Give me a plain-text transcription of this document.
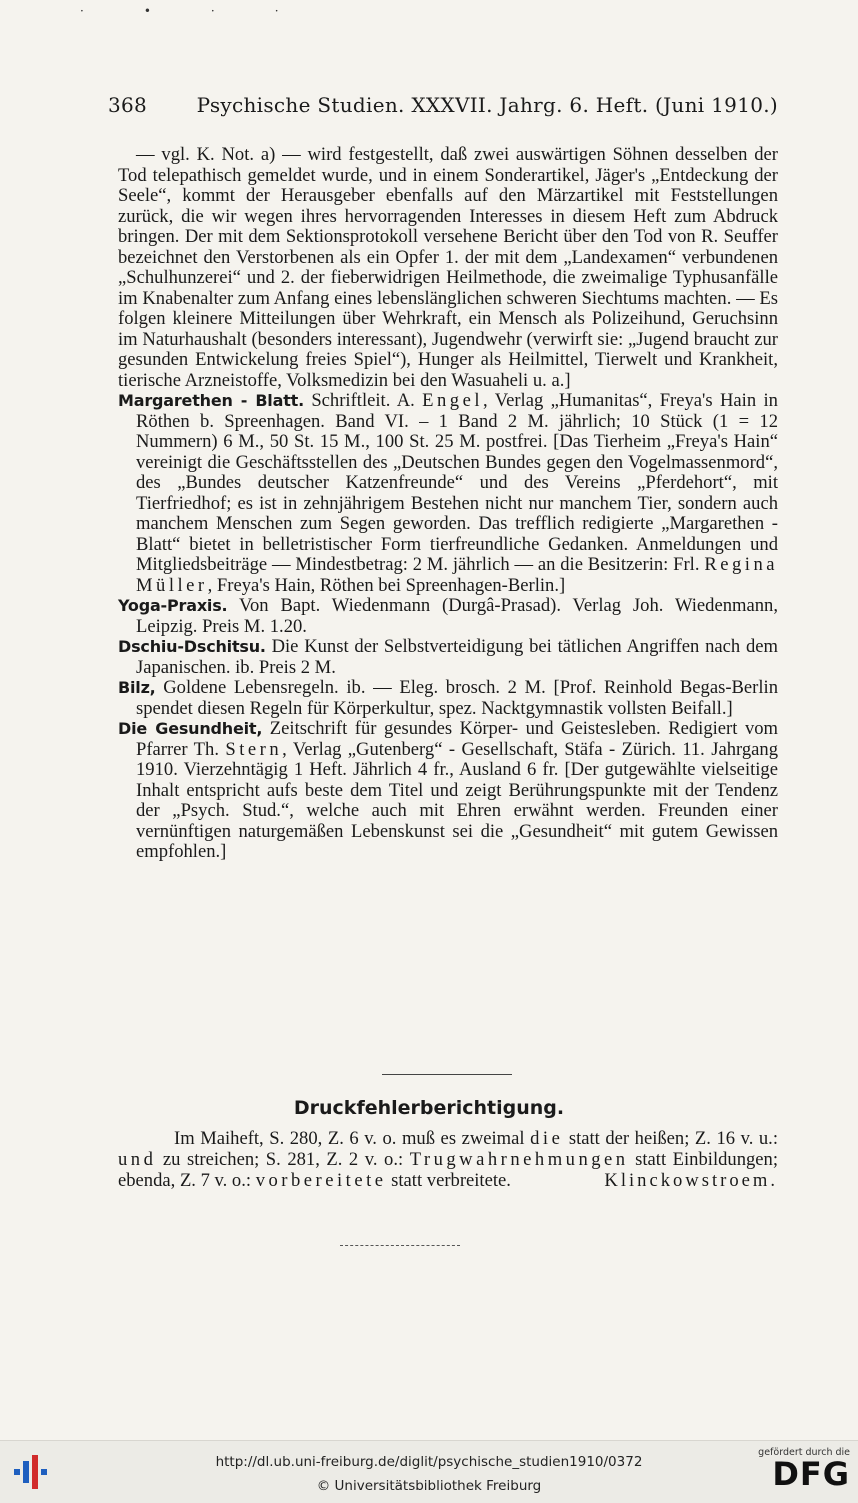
·•··
368 Psychische Studien. XXXVII. Jahrg. 6. Heft. (Juni 1910.)

— vgl. K. Not. a) — wird festgestellt, daß zwei auswärtigen Söhnen desselben der Tod telepathisch gemeldet wurde, und in einem Sonderartikel, Jäger's „Entdeckung der Seele“, kommt der Herausgeber ebenfalls auf den Märzartikel mit Feststellungen zurück, die wir wegen ihres hervorragenden Interesses in diesem Heft zum Abdruck bringen. Der mit dem Sektionsprotokoll versehene Bericht über den Tod von R. Seuffer bezeichnet den Verstorbenen als ein Opfer 1. der mit dem „Landexamen“ verbundenen „Schulhunzerei“ und 2. der fieberwidrigen Heilmethode, die zweimalige Typhusanfälle im Knabenalter zum Anfang eines lebenslänglichen schweren Siechtums machten. — Es folgen kleinere Mitteilungen über Wehrkraft, ein Mensch als Polizeihund, Geruchsinn im Naturhaushalt (besonders interessant), Jugendwehr (verwirft sie: „Jugend braucht zur gesunden Entwickelung freies Spiel“), Hunger als Heilmittel, Tierwelt und Krankheit, tierische Arzneistoffe, Volksmedizin bei den Wasuaheli u. a.]

Margarethen - Blatt. Schriftleit. A. Engel, Verlag „Humanitas“, Freya's Hain in Röthen b. Spreenhagen. Band VI. – 1 Band 2 M. jährlich; 10 Stück (1 = 12 Nummern) 6 M., 50 St. 15 M., 100 St. 25 M. postfrei. [Das Tierheim „Freya's Hain“ vereinigt die Geschäftsstellen des „Deutschen Bundes gegen den Vogelmassenmord“, des „Bundes deutscher Katzenfreunde“ und des Vereins „Pferdehort“, mit Tierfriedhof; es ist in zehnjährigem Bestehen nicht nur manchem Tier, sondern auch manchem Menschen zum Segen geworden. Das trefflich redigierte „Margarethen - Blatt“ bietet in belletristischer Form tierfreundliche Gedanken. Anmeldungen und Mitgliedsbeiträge — Mindestbetrag: 2 M. jährlich — an die Besitzerin: Frl. Regina Müller, Freya's Hain, Röthen bei Spreenhagen-Berlin.]

Yoga-Praxis. Von Bapt. Wiedenmann (Durgâ-Prasad). Verlag Joh. Wiedenmann, Leipzig. Preis M. 1.20.

Dschiu-Dschitsu. Die Kunst der Selbstverteidigung bei tätlichen Angriffen nach dem Japanischen. ib. Preis 2 M.

Bilz, Goldene Lebensregeln. ib. — Eleg. brosch. 2 M. [Prof. Reinhold Begas-Berlin spendet diesen Regeln für Körperkultur, spez. Nacktgymnastik vollsten Beifall.]

Die Gesundheit, Zeitschrift für gesundes Körper- und Geistesleben. Redigiert vom Pfarrer Th. Stern, Verlag „Gutenberg“ - Gesellschaft, Stäfa - Zürich. 11. Jahrgang 1910. Vierzehntägig 1 Heft. Jährlich 4 fr., Ausland 6 fr. [Der gutgewählte vielseitige Inhalt entspricht aufs beste dem Titel und zeigt Berührungspunkte mit der Tendenz der „Psych. Stud.“, welche auch mit Ehren erwähnt werden. Freunden einer vernünftigen naturgemäßen Lebenskunst sei die „Gesundheit“ mit gutem Gewissen empfohlen.]

Druckfehlerberichtigung.
Im Maiheft, S. 280, Z. 6 v. o. muß es zweimal die statt der heißen; Z. 16 v. u.: und zu streichen; S. 281, Z. 2 v. o.: Trugwahrnehmungen statt Einbildungen; ebenda, Z. 7 v. o.: vorbereitete statt verbreitete.	Klinckowstroem.
http://dl.ub.uni-freiburg.de/diglit/psychische_studien1910/0372
© Universitätsbibliothek Freiburg
gefördert durch die
DFG
